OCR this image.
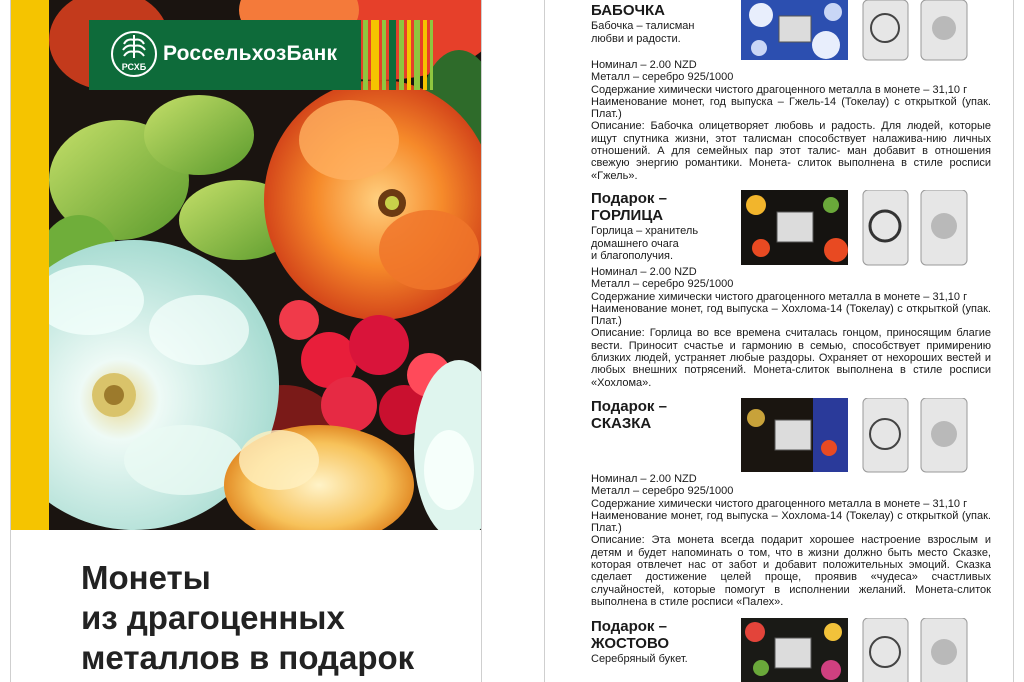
РСХБ
РоссельхозБанк
Монеты
из драгоценных
металлов в подарок

БАБОЧКА

Бабочка – талисман
любви и радости.

Номинал – 2.00 NZD

Металл – серебро 925/1000

Содержание химически чистого драгоценного металла в монете – 31,10 г

Наименование монет, год выпуска – Гжель-14 (Токелау) с открыткой (упак. Плат.)

Описание: Бабочка олицетворяет любовь и радость. Для людей, которые ищут спутника жизни, этот талисман способствует налажива-нию личных отношений. А для семейных пар этот талис- ман добавит в отношения свежую энергию романтики. Монета- слиток выполнена в стиле росписи «Гжель».

Подарок –
ГОРЛИЦА

Горлица – хранитель
домашнего очага
и благополучия.

Номинал – 2.00 NZD

Металл – серебро 925/1000

Содержание химически чистого драгоценного металла в монете – 31,10 г

Наименование монет, год выпуска – Хохлома-14 (Токелау) с открыткой (упак. Плат.)

Описание: Горлица во все времена считалась гонцом, приносящим благие вести. Приносит счастье и гармонию в семью, способствует примирению близких людей, устраняет любые раздоры. Охраняет от нехороших вестей и любых внешних потрясений. Монета-слиток выполнена в стиле росписи «Хохлома».

Подарок –
СКАЗКА

Номинал – 2.00 NZD

Металл – серебро 925/1000

Содержание химически чистого драгоценного металла в монете – 31,10 г

Наименование монет, год выпуска – Хохлома-14 (Токелау) с открыткой (упак. Плат.)

Описание: Эта монета всегда подарит хорошее настроение взрослым и детям и будет напоминать о том, что в жизни должно быть место Сказке, которая отвлечет нас от забот и добавит положительных эмоций. Сказка сделает достижение целей проще, проявив «чудеса» счастливых случайностей, которые помогут в исполнении желаний. Монета-слиток выполнена в стиле росписи «Палех».

Подарок –
ЖОСТОВО

Серебряный букет.
